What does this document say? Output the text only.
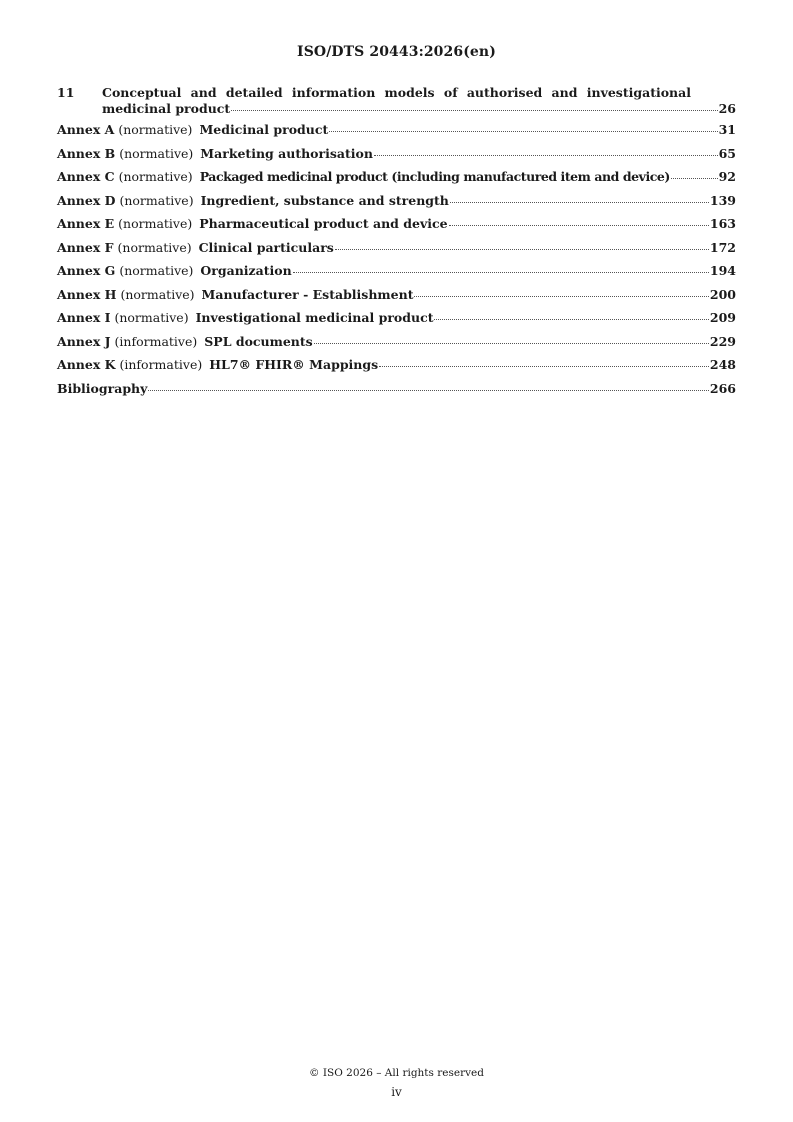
ISO/DTS 20443:2026(en)
11	Conceptual and detailed information models of authorised and investigational
medicinal product	26
Annex A (normative) Medicinal product	31
Annex B (normative) Marketing authorisation	65
Annex C (normative) Packaged medicinal product (including manufactured item and device)	92
Annex D (normative) Ingredient, substance and strength	139
Annex E (normative) Pharmaceutical product and device	163
Annex F (normative) Clinical particulars	172
Annex G (normative) Organization	194
Annex H (normative) Manufacturer - Establishment	200
Annex I (normative) Investigational medicinal product	209
Annex J (informative) SPL documents	229
Annex K (informative) HL7® FHIR® Mappings	248
Bibliography	266
© ISO 2026 – All rights reserved
iv
